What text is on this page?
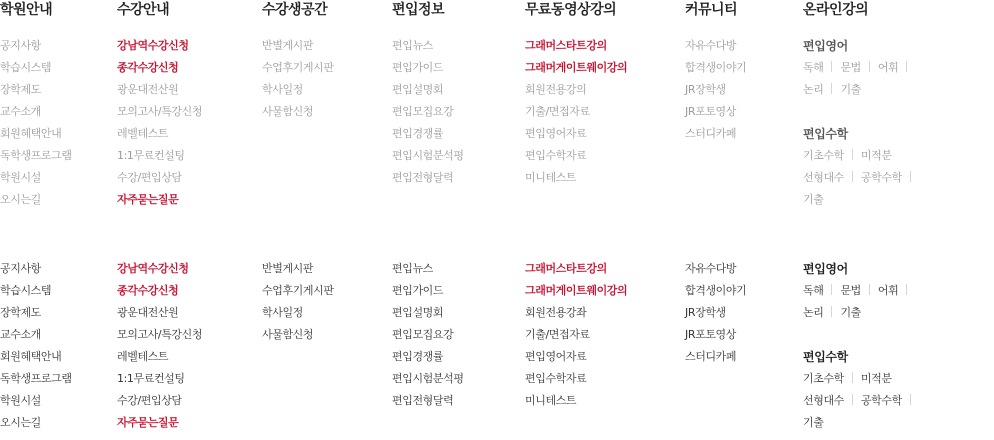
학원안내	수강안내	수강생공간	편입정보	무료동영상강의	커뮤니티	온라인강의
공지사항
학습시스템
장학제도
교수소개
회원혜택안내
독학생프로그램
학원시설
오시는길
강남역수강신청
종각수강신청
광운대전산원
모의고사/특강신청
레벨테스트
1:1무료컨설팅
수강/편입상담
자주묻는질문
반별게시판
수업후기게시판
학사일정
사물함신청
편입뉴스
편입가이드
편입설명회
편입모집요강
편입경쟁률
편입시험분석평
편입전형달력
그래머스타트강의
그래머게이트웨이강의
회원전용강의
기출/면접자료
편입영어자료
편입수학자료
미니테스트
자유수다방
합격생이야기
JR장학생
JR포토영상
스터디카페
편입영어
독해 문법 어휘
논리 기출
편입수학
기초수학 미적분
선형대수 공학수학
기출
공지사항
학습시스템
장학제도
교수소개
회원혜택안내
독학생프로그램
학원시설
오시는길
강남역수강신청
종각수강신청
광운대전산원
모의고사/특강신청
레벨테스트
1:1무료컨설팅
수강/편입상담
자주묻는질문
반별게시판
수업후기게시판
학사일정
사물함신청
편입뉴스
편입가이드
편입설명회
편입모집요강
편입경쟁률
편입시험분석평
편입전형달력
그래머스타트강의
그래머게이트웨이강의
회원전용강좌
기출/면접자료
편입영어자료
편입수학자료
미니테스트
자유수다방
합격생이야기
JR장학생
JR포토영상
스터디카페
편입영어
독해 문법 어휘
논리 기출
편입수학
기초수학 미적분
선형대수 공학수학
기출
